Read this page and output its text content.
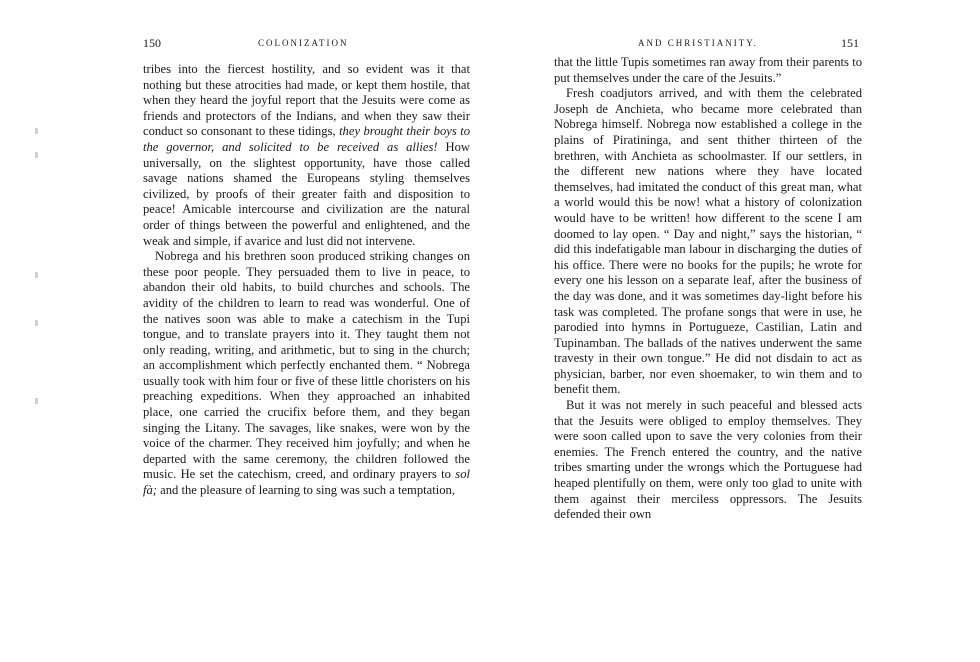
150	COLONIZATION

tribes into the fiercest hostility, and so evident was it that nothing but these atrocities had made, or kept them hostile, that when they heard the joyful report that the Jesuits were come as friends and protectors of the Indians, and when they saw their conduct so consonant to these tidings, they brought their boys to the governor, and solicited to be received as allies! How universally, on the slightest opportunity, have those called savage nations shamed the Europeans styling themselves civilized, by proofs of their greater faith and disposition to peace! Amicable intercourse and civilization are the natural order of things between the powerful and enlightened, and the weak and simple, if avarice and lust did not intervene.

Nobrega and his brethren soon produced striking changes on these poor people. They persuaded them to live in peace, to abandon their old habits, to build churches and schools. The avidity of the children to learn to read was wonderful. One of the natives soon was able to make a catechism in the Tupi tongue, and to translate prayers into it. They taught them not only reading, writing, and arithmetic, but to sing in the church; an accomplishment which perfectly enchanted them. “ Nobrega usually took with him four or five of these little choristers on his preaching expeditions. When they approached an inhabited place, one carried the crucifix before them, and they began singing the Litany. The savages, like snakes, were won by the voice of the charmer. They received him joyfully; and when he departed with the same ceremony, the children followed the music. He set the catechism, creed, and ordinary prayers to sol fà; and the pleasure of learning to sing was such a temptation,

AND CHRISTIANITY.	151

that the little Tupis sometimes ran away from their parents to put themselves under the care of the Jesuits.”

Fresh coadjutors arrived, and with them the celebrated Joseph de Anchieta, who became more celebrated than Nobrega himself. Nobrega now established a college in the plains of Piratininga, and sent thither thirteen of the brethren, with Anchieta as schoolmaster. If our settlers, in the different new nations where they have located themselves, had imitated the conduct of this great man, what a world would this be now! what a history of colonization would have to be written! how different to the scene I am doomed to lay open. “ Day and night,” says the historian, “ did this indefatigable man labour in discharging the duties of his office. There were no books for the pupils; he wrote for every one his lesson on a separate leaf, after the business of the day was done, and it was sometimes day-light before his task was completed. The profane songs that were in use, he parodied into hymns in Portugueze, Castilian, Latin and Tupinamban. The ballads of the natives underwent the same travesty in their own tongue.” He did not disdain to act as physician, barber, nor even shoemaker, to win them and to benefit them.

But it was not merely in such peaceful and blessed acts that the Jesuits were obliged to employ themselves. They were soon called upon to save the very colonies from their enemies. The French entered the country, and the native tribes smarting under the wrongs which the Portuguese had heaped plentifully on them, were only too glad to unite with them against their merciless oppressors. The Jesuits defended their own
